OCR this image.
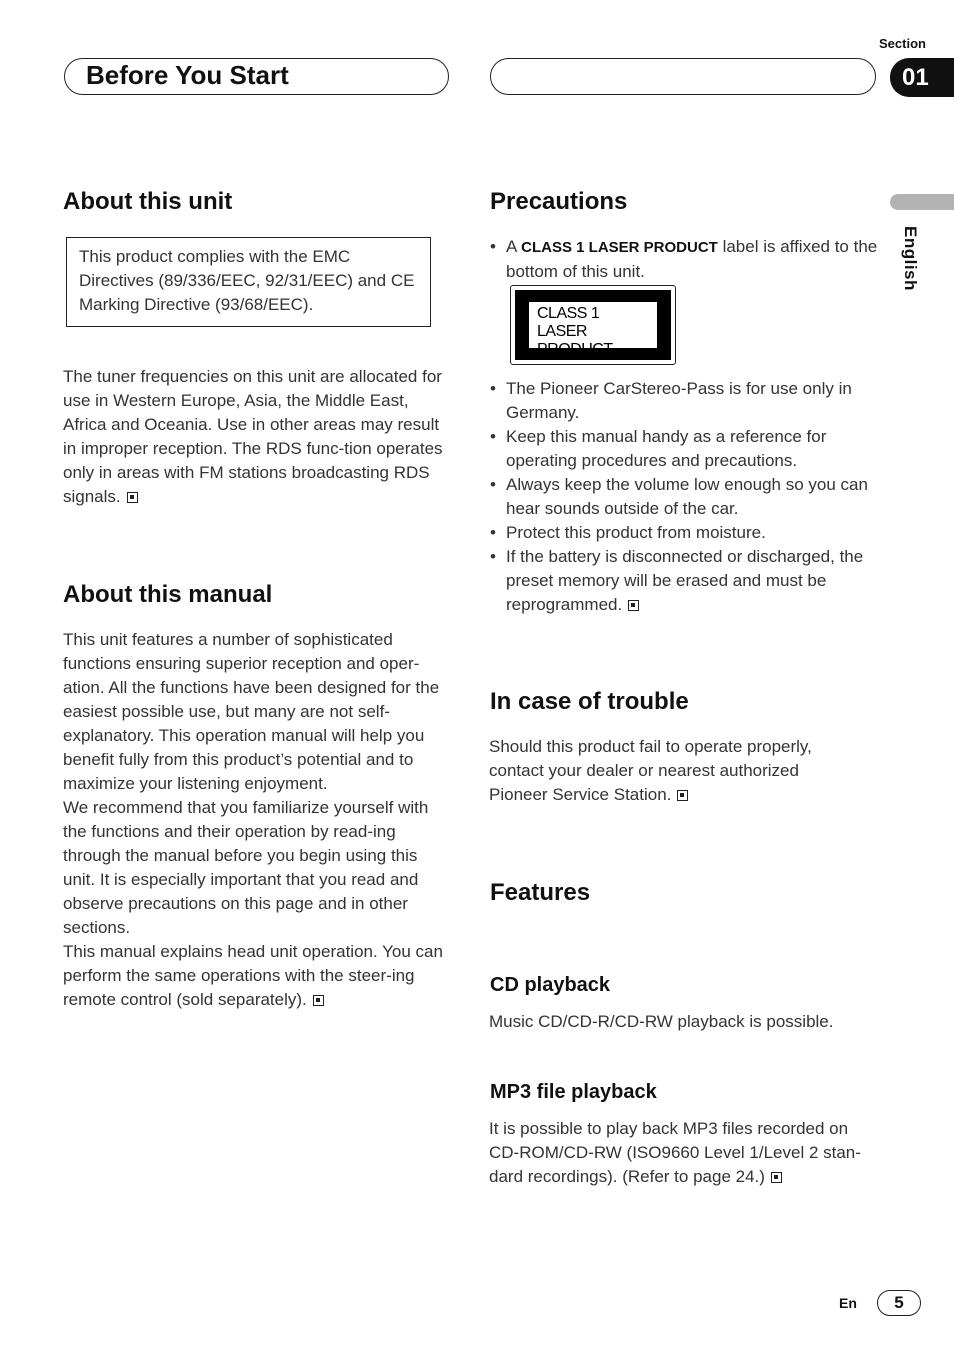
Section
Before You Start	01
English
About this unit

This product complies with the EMC Directives (89/336/EEC, 92/31/EEC) and CE Marking Directive (93/68/EEC).

The tuner frequencies on this unit are allocated for use in Western Europe, Asia, the Middle East, Africa and Oceania. Use in other areas may result in improper reception. The RDS func-tion operates only in areas with FM stations broadcasting RDS signals.

About this manual

This unit features a number of sophisticated functions ensuring superior reception and oper-ation. All the functions have been designed for the easiest possible use, but many are not self-explanatory. This operation manual will help you benefit fully from this product’s potential and to maximize your listening enjoyment.

We recommend that you familiarize yourself with the functions and their operation by read-ing through the manual before you begin using this unit. It is especially important that you read and observe precautions on this page and in other sections.

This manual explains head unit operation. You can perform the same operations with the steer-ing remote control (sold separately).

Precautions
• A CLASS 1 LASER PRODUCT label is affixed to the bottom of this unit.
CLASS 1
LASER PRODUCT
• The Pioneer CarStereo-Pass is for use only in Germany.
• Keep this manual handy as a reference for operating procedures and precautions.
• Always keep the volume low enough so you can hear sounds outside of the car.
• Protect this product from moisture.
• If the battery is disconnected or discharged, the preset memory will be erased and must be reprogrammed.
In case of trouble

Should this product fail to operate properly, contact your dealer or nearest authorized Pioneer Service Station.

Features
CD playback

Music CD/CD-R/CD-RW playback is possible.

MP3 file playback

It is possible to play back MP3 files recorded on CD-ROM/CD-RW (ISO9660 Level 1/Level 2 stan-dard recordings). (Refer to page 24.)

En	5
